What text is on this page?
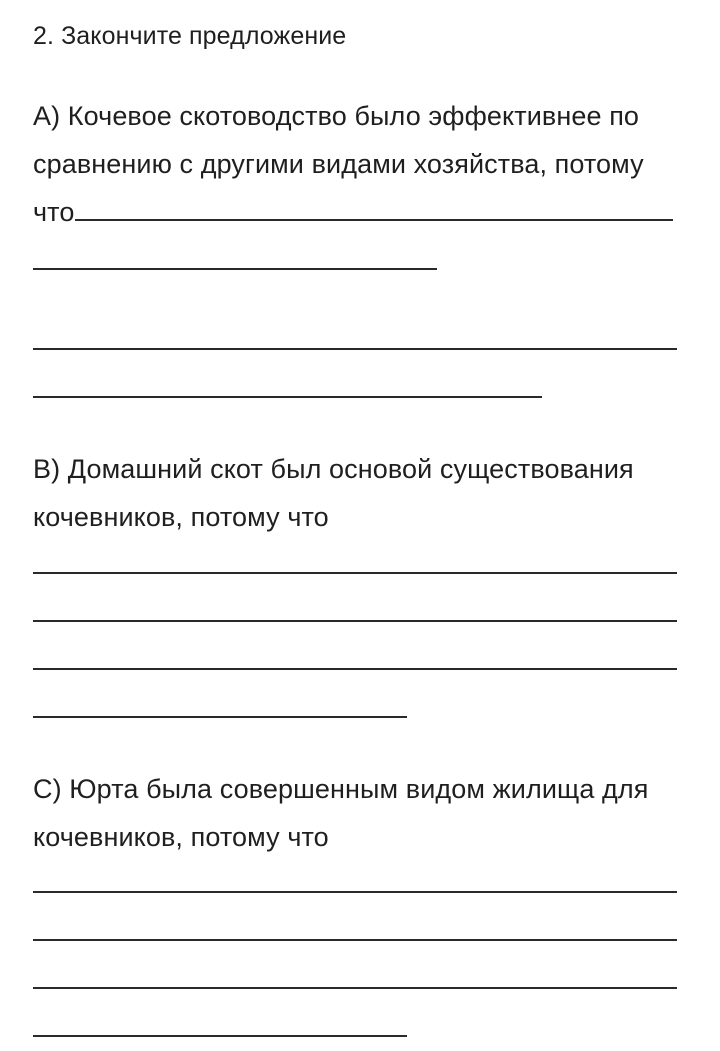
2. Закончите предложение
А) Кочевое скотоводство было эффективнее по
сравнению с другими видами хозяйства, потому
что
В) Домашний скот был основой существования
кочевников, потому что
С) Юрта была совершенным видом жилища для
кочевников, потому что
